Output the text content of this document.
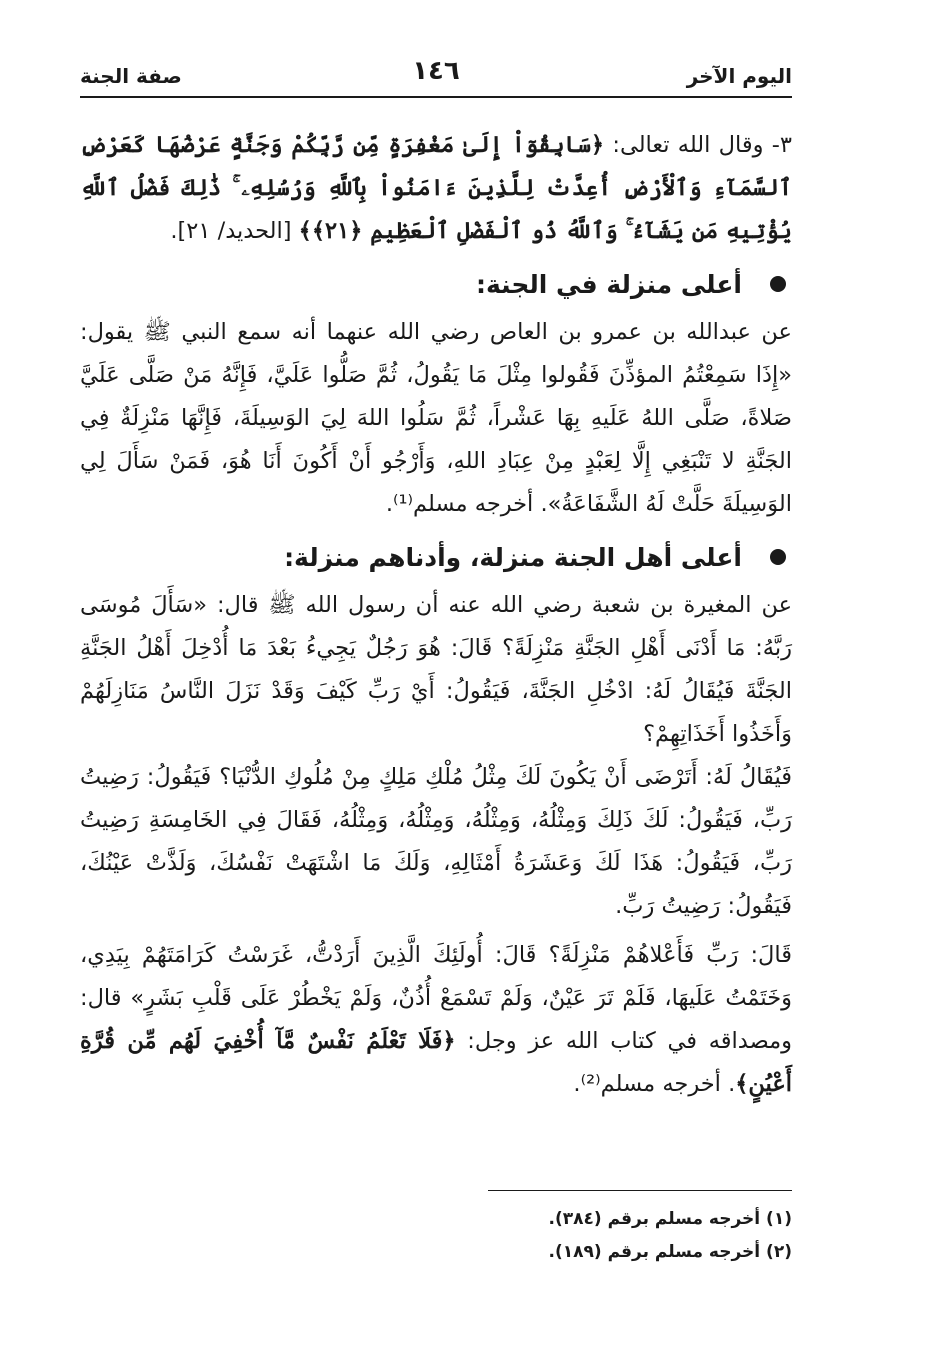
اليوم الآخر
١٤٦
صفة الجنة

٣- وقال الله تعالى: ﴿سَابِقُوٓاْ إِلَىٰ مَغْفِرَةٍ مِّن رَّبِّكُمْ وَجَنَّةٍ عَرْضُهَا كَعَرْضِ ٱلسَّمَآءِ وَٱلْأَرْضِ أُعِدَّتْ لِلَّذِينَ ءَامَنُواْ بِٱللَّهِ وَرُسُلِهِۦ ۚ ذَٰلِكَ فَضْلُ ٱللَّهِ يُؤْتِيهِ مَن يَشَآءُ ۚ وَٱللَّهُ ذُو ٱلْفَضْلِ ٱلْعَظِيمِ ﴿٢١﴾﴾ [الحديد/ ٢١].

أعلى منزلة في الجنة:

عن عبدالله بن عمرو بن العاص رضي الله عنهما أنه سمع النبي ﷺ يقول: «إِذَا سَمِعْتُمُ المؤذِّنَ فَقُولوا مِثْلَ مَا يَقُولُ، ثُمَّ صَلُّوا عَلَيَّ، فَإِنَّهُ مَنْ صَلَّى عَلَيَّ صَلاةً، صَلَّى اللهُ عَلَيهِ بِهَا عَشْراً، ثُمَّ سَلُوا اللهَ لِيَ الوَسِيلَةَ، فَإِنَّهَا مَنْزِلَةٌ فِي الجَنَّةِ لا تَنْبَغِي إِلَّا لِعَبْدٍ مِنْ عِبَادِ اللهِ، وَأَرْجُو أَنْ أَكُونَ أَنَا هُوَ، فَمَنْ سَأَلَ لِي الوَسِيلَةَ حَلَّتْ لَهُ الشَّفَاعَةُ». أخرجه مسلم⁽¹⁾.

أعلى أهل الجنة منزلة، وأدناهم منزلة:

عن المغيرة بن شعبة رضي الله عنه أن رسول الله ﷺ قال: «سَأَلَ مُوسَى رَبَّهُ: مَا أَدْنَى أَهْلِ الجَنَّةِ مَنْزِلَةً؟ قَالَ: هُوَ رَجُلٌ يَجِيءُ بَعْدَ مَا أُدْخِلَ أَهْلُ الجَنَّةِ الجَنَّةَ فَيُقَالُ لَهُ: ادْخُلِ الجَنَّةَ، فَيَقُولُ: أَيْ رَبِّ كَيْفَ وَقَدْ نَزَلَ النَّاسُ مَنَازِلَهُمْ وَأَخَذُوا أَخَذَاتِهِمْ؟

فَيُقَالُ لَهُ: أَتَرْضَى أَنْ يَكُونَ لَكَ مِثْلُ مُلْكِ مَلِكٍ مِنْ مُلُوكِ الدُّنْيَا؟ فَيَقُولُ: رَضِيتُ رَبِّ، فَيَقُولُ: لَكَ ذَلِكَ وَمِثْلُهُ، وَمِثْلُهُ، وَمِثْلُهُ، وَمِثْلُهُ، فَقَالَ فِي الخَامِسَةِ رَضِيتُ رَبِّ، فَيَقُولُ: هَذَا لَكَ وَعَشَرَةُ أَمْثَالِهِ، وَلَكَ مَا اشْتَهَتْ نَفْسُكَ، وَلَذَّتْ عَيْنُكَ، فَيَقُولُ: رَضِيتُ رَبِّ.

قَالَ: رَبِّ فَأَعْلاهُمْ مَنْزِلَةً؟ قَالَ: أُولَئِكَ الَّذِينَ أَرَدْتُّ، غَرَسْتُ كَرَامَتَهُمْ بِيَدِي، وَخَتَمْتُ عَلَيهَا، فَلَمْ تَرَ عَيْنٌ، وَلَمْ تَسْمَعْ أُذُنٌ، وَلَمْ يَخْطُرْ عَلَى قَلْبِ بَشَرٍ» قال: ومصداقه في كتاب الله عز وجل: ﴿فَلَا تَعْلَمُ نَفْسٌ مَّآ أُخْفِيَ لَهُم مِّن قُرَّةِ أَعْيُنٍ﴾. أخرجه مسلم⁽²⁾.

(١) أخرجه مسلم برقم (٣٨٤).

(٢) أخرجه مسلم برقم (١٨٩).
